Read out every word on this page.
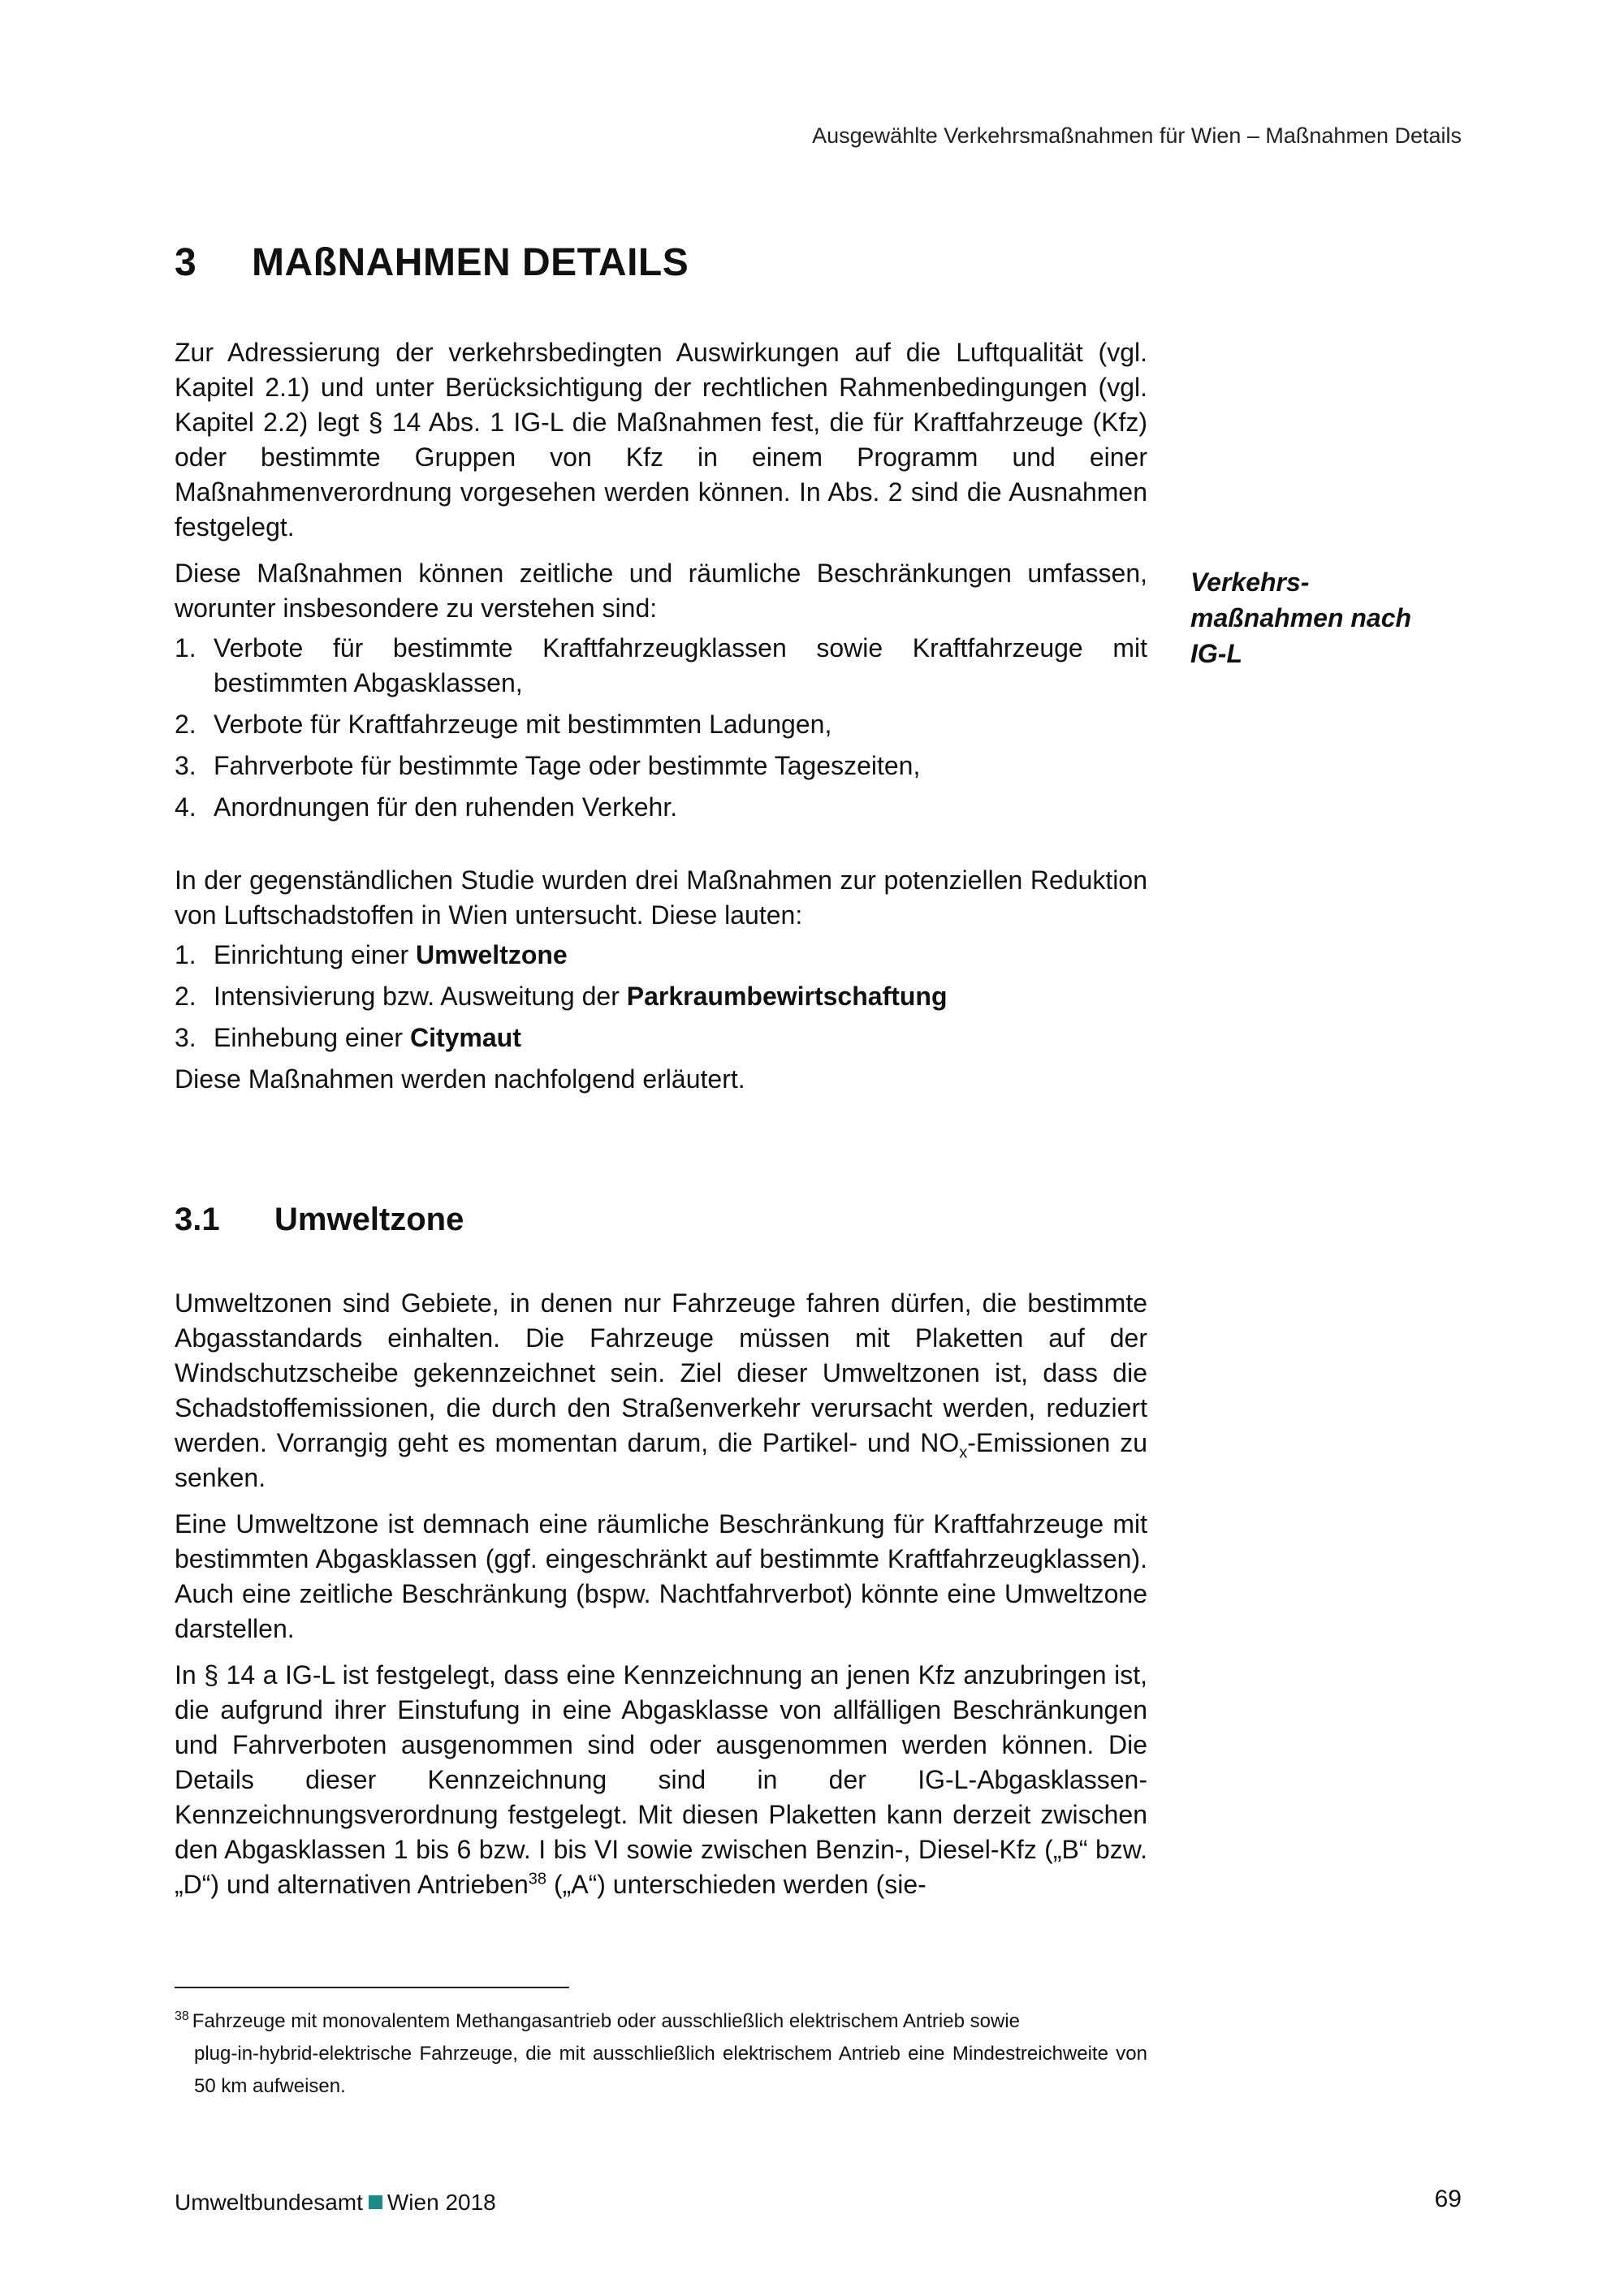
Ausgewählte Verkehrsmaßnahmen für Wien – Maßnahmen Details
3 MAßNAHMEN DETAILS

Zur Adressierung der verkehrsbedingten Auswirkungen auf die Luftqualität (vgl. Kapitel 2.1) und unter Berücksichtigung der rechtlichen Rahmenbedingungen (vgl. Kapitel 2.2) legt § 14 Abs. 1 IG-L die Maßnahmen fest, die für Kraftfahrzeuge (Kfz) oder bestimmte Gruppen von Kfz in einem Programm und einer Maßnahmenverordnung vorgesehen werden können. In Abs. 2 sind die Ausnahmen festgelegt.

Diese Maßnahmen können zeitliche und räumliche Beschränkungen umfassen, worunter insbesondere zu verstehen sind:

1. Verbote für bestimmte Kraftfahrzeugklassen sowie Kraftfahrzeuge mit bestimmten Abgasklassen,
2. Verbote für Kraftfahrzeuge mit bestimmten Ladungen,
3. Fahrverbote für bestimmte Tage oder bestimmte Tageszeiten,
4. Anordnungen für den ruhenden Verkehr.

In der gegenständlichen Studie wurden drei Maßnahmen zur potenziellen Reduktion von Luftschadstoffen in Wien untersucht. Diese lauten:

1. Einrichtung einer Umweltzone
2. Intensivierung bzw. Ausweitung der Parkraumbewirtschaftung
3. Einhebung einer Citymaut

Diese Maßnahmen werden nachfolgend erläutert.

Verkehrs-
maßnahmen nach
IG-L
3.1 Umweltzone

Umweltzonen sind Gebiete, in denen nur Fahrzeuge fahren dürfen, die bestimmte Abgasstandards einhalten. Die Fahrzeuge müssen mit Plaketten auf der Windschutzscheibe gekennzeichnet sein. Ziel dieser Umweltzonen ist, dass die Schadstoffemissionen, die durch den Straßenverkehr verursacht werden, reduziert werden. Vorrangig geht es momentan darum, die Partikel- und $NO_x$-Emissionen zu senken.

Eine Umweltzone ist demnach eine räumliche Beschränkung für Kraftfahrzeuge mit bestimmten Abgasklassen (ggf. eingeschränkt auf bestimmte Kraftfahrzeugklassen). Auch eine zeitliche Beschränkung (bspw. Nachtfahrverbot) könnte eine Umweltzone darstellen.

In § 14 a IG-L ist festgelegt, dass eine Kennzeichnung an jenen Kfz anzubringen ist, die aufgrund ihrer Einstufung in eine Abgasklasse von allfälligen Beschränkungen und Fahrverboten ausgenommen sind oder ausgenommen werden können. Die Details dieser Kennzeichnung sind in der IG-L-Abgasklassen-Kennzeichnungsverordnung festgelegt. Mit diesen Plaketten kann derzeit zwischen den Abgasklassen 1 bis 6 bzw. I bis VI sowie zwischen Benzin-, Diesel-Kfz („B“ bzw. „D“) und alternativen Antrieben$^{38}$ („A“) unterschieden werden (sie-

$^{38}$ Fahrzeuge mit monovalentem Methangasantrieb oder ausschließlich elektrischem Antrieb sowie
plug-in-hybrid-elektrische Fahrzeuge, die mit ausschließlich elektrischem Antrieb eine Mindestreichweite von 50 km aufweisen.
Umweltbundesamt Wien 2018	69
